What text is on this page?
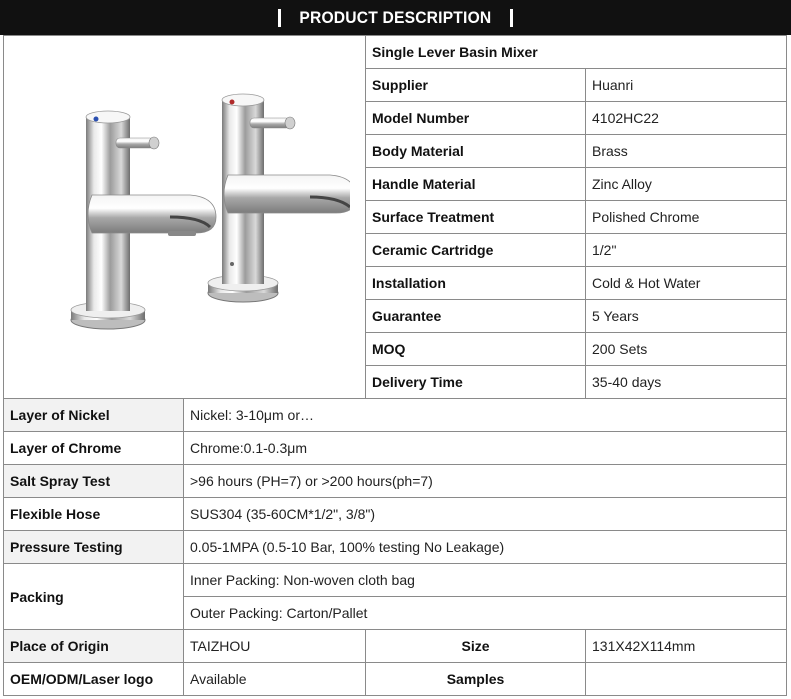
PRODUCT DESCRIPTION
	Single Lever Basin Mixer	
		Supplier	Huanri
		Model Number	4102HC22
		Body Material	Brass
		Handle Material	Zinc Alloy
		Surface Treatment	Polished Chrome
		Ceramic Cartridge	1/2"
		Installation	Cold & Hot Water
		Guarantee	5 Years
		MOQ	200 Sets
		Delivery Time	35-40 days
Layer of Nickel	Nickel: 3-10μm or…		
Layer of Chrome	Chrome:0.1-0.3μm		
Salt Spray Test	>96 hours (PH=7) or >200 hours(ph=7)		
Flexible Hose	SUS304 (35-60CM*1/2", 3/8")		
Pressure Testing	0.05-1MPA (0.5-10 Bar, 100% testing No Leakage)		
Packing	Inner Packing: Non-woven cloth bag		
	Outer Packing: Carton/Pallet		
Place of Origin	TAIZHOU	Size	131X42X114mm
OEM/ODM/Laser logo	Available	Samples	
